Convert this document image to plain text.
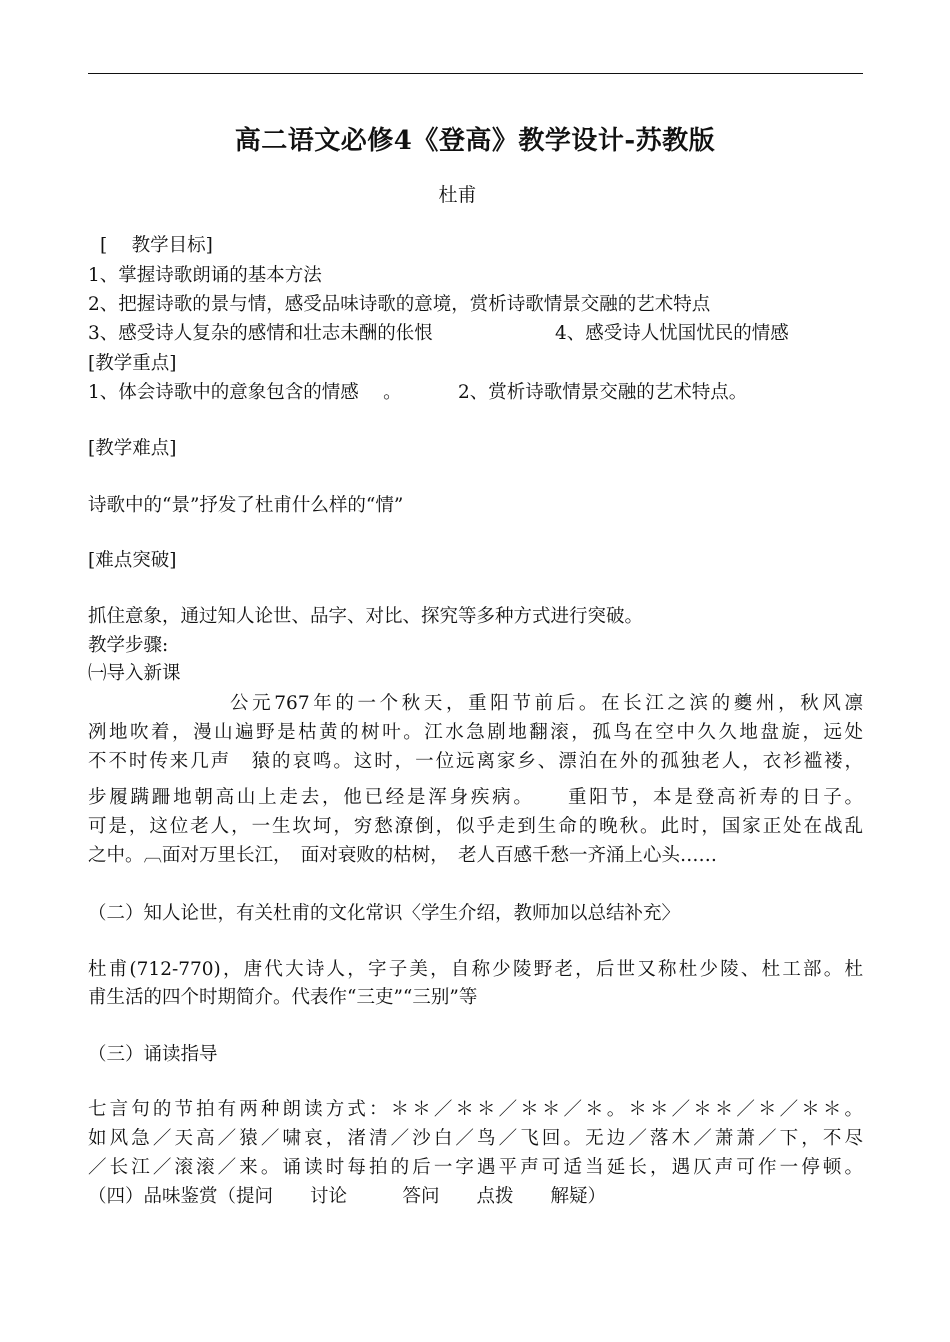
高二语文必修4《登高》教学设计-苏教版
杜甫
[　 教学目标]
1、掌握诗歌朗诵的基本方法
2、把握诗歌的景与情，感受品味诗歌的意境，赏析诗歌情景交融的艺术特点
3、感受诗人复杂的感情和壮志未酬的伥恨	4、感受诗人忧国忧民的情感
[教学重点]
1、体会诗歌中的意象包含的情感　 。	2、赏析诗歌情景交融的艺术特点。
[教学难点]
诗歌中的“景”抒发了杜甫什么样的“情”
[难点突破]
抓住意象，通过知人论世、品字、对比、探究等多种方式进行突破。
教学步骤:
㈠导入新课
公元767年的一个秋天，重阳节前后。在长江之滨的夔州，秋风凛
冽地吹着，漫山遍野是枯黄的树叶。江水急剧地翻滚，孤鸟在空中久久地盘旋，远处
不不时传来几声　猿的哀鸣。这时，一位远离家乡、漂泊在外的孤独老人，衣衫褴褛，
步履蹒跚地朝高山上走去，他已经是浑身疾病。　　重阳节，本是登高祈寿的日子。
可是，这位老人，一生坎坷，穷愁潦倒，似乎走到生命的晚秋。此时，国家正处在战乱
之中。︹面对万里长江，　面对衰败的枯树，　老人百感千愁一齐涌上心头……
（二）知人论世，有关杜甫的文化常识〈学生介绍，教师加以总结补充〉
杜甫(712-770)，唐代大诗人，字子美，自称少陵野老，后世又称杜少陵、杜工部。杜
甫生活的四个时期简介。代表作“三吏”“三别”等
（三）诵读指导
七言句的节拍有两种朗读方式：＊＊／＊＊／＊＊／＊。＊＊／＊＊／＊／＊＊。
如风急／天高／猿／啸哀，渚清／沙白／鸟／飞回。无边／落木／萧萧／下，不尽
／长江／滚滚／来。诵读时每拍的后一字遇平声可适当延长，遇仄声可作一停顿。
（四）品味鉴赏（提问　　讨论　　　答问　　点拨　　解疑）
